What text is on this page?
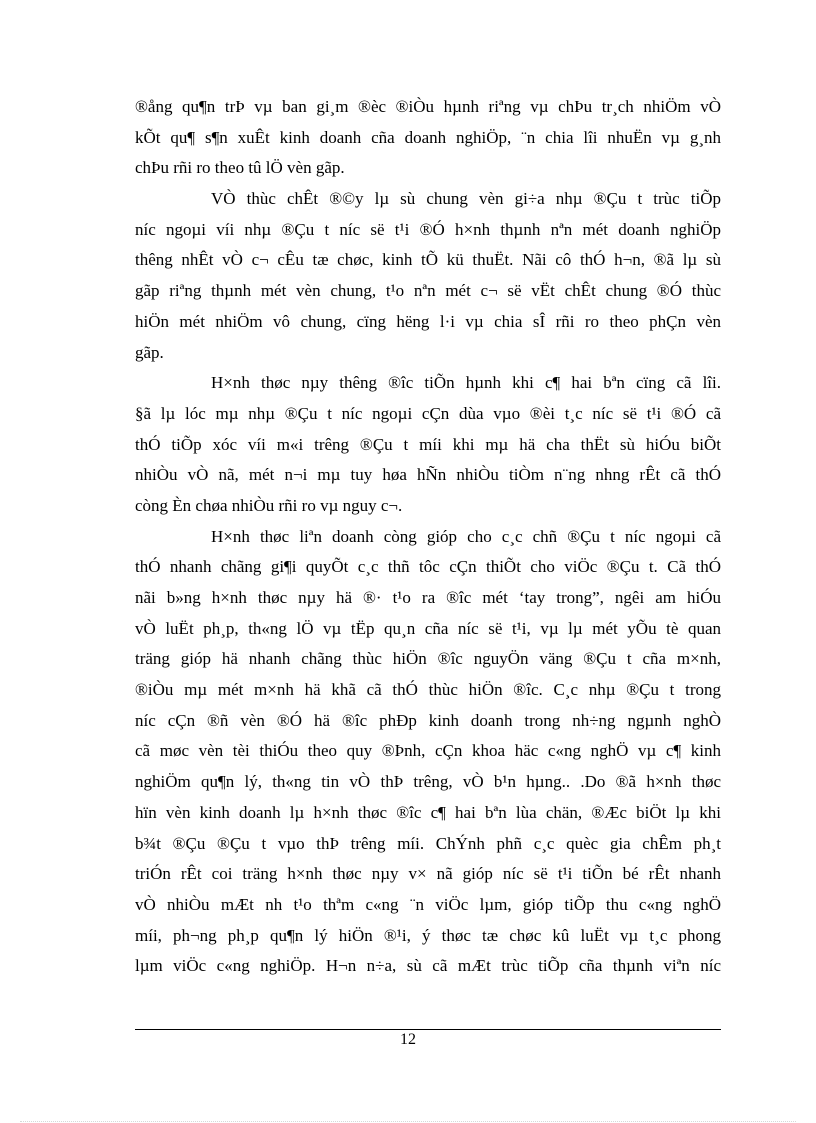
®ång qu¶n trÞ vµ ban gi¸m ®èc ®iÒu hµnh riªng vµ chÞu tr¸ch nhiÖm vÒ
kÕt qu¶ s¶n xuÊt kinh doanh cña doanh nghiÖp, ¨n chia lîi nhuËn vµ g¸nh
chÞu rñi ro theo tû lÖ vèn gãp.
VÒ thùc chÊt ®©y lµ sù chung vèn gi÷a nhµ ®Çu t trùc tiÕp
níc ngoµi víi nhµ ®Çu t níc së t¹i ®Ó h×nh thµnh nªn mét doanh nghiÖp
thêng nhÊt vÒ c¬ cÊu tæ chøc, kinh tÕ kü thuËt. Nãi cô thÓ h¬n, ®ã lµ sù
gãp riªng thµnh mét vèn chung, t¹o nªn mét c¬ së vËt chÊt chung ®Ó thùc
hiÖn mét nhiÖm vô chung, cïng hëng l·i vµ chia sÎ rñi ro theo phÇn vèn
gãp.
H×nh thøc nµy thêng ®îc tiÕn hµnh khi c¶ hai bªn cïng cã lîi.
§ã lµ lóc mµ nhµ ®Çu t níc ngoµi cÇn dùa vµo ®èi t¸c níc së t¹i ®Ó cã
thÓ tiÕp xóc víi m«i trêng ®Çu t míi khi mµ hä cha thËt sù hiÓu biÕt
nhiÒu vÒ nã, mét n¬i mµ tuy høa hÑn nhiÒu tiÒm n¨ng nhng rÊt cã thÓ
còng Èn chøa nhiÒu rñi ro vµ nguy c¬.
H×nh thøc liªn doanh còng gióp cho c¸c chñ ®Çu t níc ngoµi cã
thÓ nhanh chãng gi¶i quyÕt c¸c thñ tôc cÇn thiÕt cho viÖc ®Çu t. Cã thÓ
nãi b»ng h×nh thøc nµy hä ®· t¹o ra ®îc mét ‘tay trong”, ngêi am hiÓu
vÒ luËt ph¸p, th«ng lÖ vµ tËp qu¸n cña níc së t¹i, vµ lµ mét yÕu tè quan
träng gióp hä nhanh chãng thùc hiÖn ®îc nguyÖn väng ®Çu t cña m×nh,
®iÒu mµ mét m×nh hä khã cã thÓ thùc hiÖn ®îc. C¸c nhµ ®Çu t trong
níc cÇn ®ñ vèn ®Ó hä ®îc phÐp kinh doanh trong nh÷ng ngµnh nghÒ
cã møc vèn tèi thiÓu theo quy ®Þnh, cÇn khoa häc c«ng nghÖ vµ c¶ kinh
nghiÖm qu¶n lý, th«ng tin vÒ thÞ trêng, vÒ b¹n hµng.. .Do ®ã h×nh thøc
hïn vèn kinh doanh lµ h×nh thøc ®îc c¶ hai bªn lùa chän, ®Æc biÖt lµ khi
b¾t ®Çu ®Çu t vµo thÞ trêng míi. ChÝnh phñ c¸c quèc gia chÊm ph¸t
triÓn rÊt coi träng h×nh thøc nµy v× nã gióp níc së t¹i tiÕn bé rÊt nhanh
vÒ nhiÒu mÆt nh t¹o thªm c«ng ¨n viÖc lµm, gióp tiÕp thu c«ng nghÖ
míi, ph¬ng ph¸p qu¶n lý hiÖn ®¹i, ý thøc tæ chøc kû luËt vµ t¸c phong
lµm viÖc c«ng nghiÖp. H¬n n÷a, sù cã mÆt trùc tiÕp cña thµnh viªn níc
12
